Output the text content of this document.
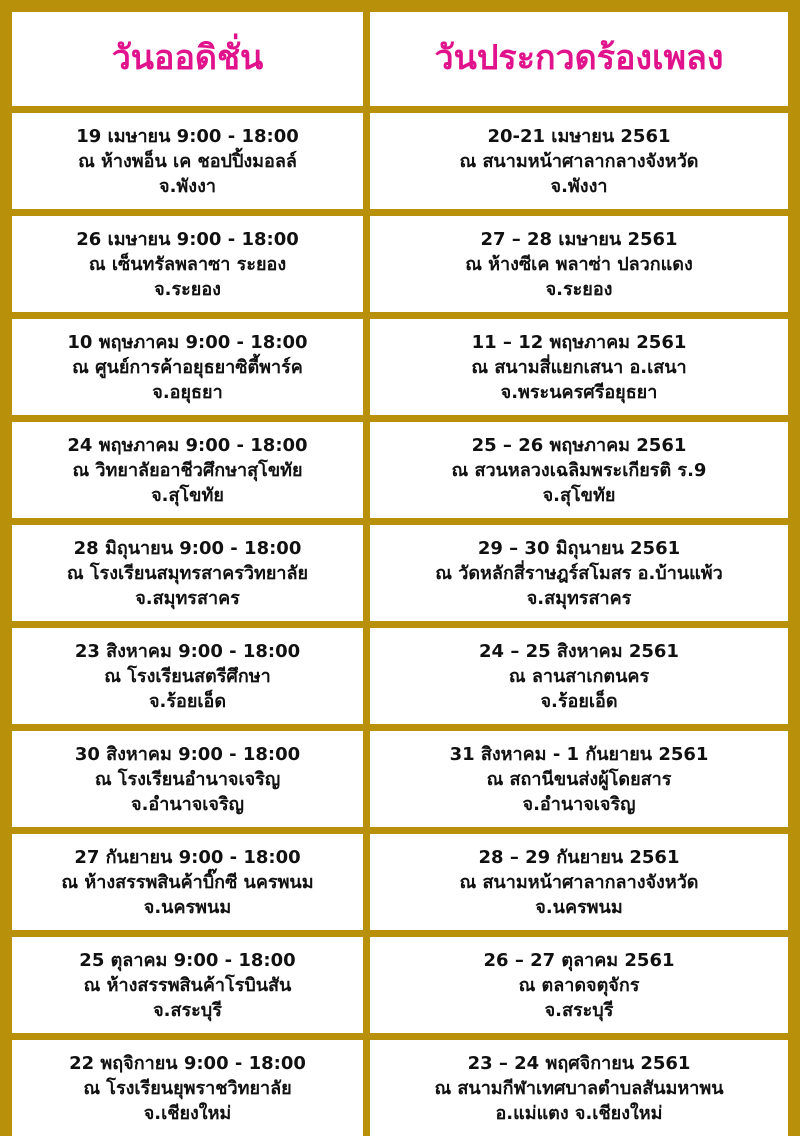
วันออดิชั่น	วันประกวดร้องเพลง
19 เมษายน 9:00 - 18:00
ณ ห้างพอ็น เค ชอปปิ้งมอลล์
จ.พังงา
20-21 เมษายน 2561
ณ สนามหน้าศาลากลางจังหวัด
จ.พังงา
26 เมษายน 9:00 - 18:00
ณ เซ็นทรัลพลาซา ระยอง
จ.ระยอง
27 – 28 เมษายน 2561
ณ ห้างซีเค พลาซ่า ปลวกแดง
จ.ระยอง
10 พฤษภาคม 9:00 - 18:00
ณ ศูนย์การค้าอยุธยาซิตี้พาร์ค
จ.อยุธยา
11 – 12 พฤษภาคม 2561
ณ สนามสี่แยกเสนา อ.เสนา
จ.พระนครศรีอยุธยา
24 พฤษภาคม 9:00 - 18:00
ณ วิทยาลัยอาชีวศึกษาสุโขทัย
จ.สุโขทัย
25 – 26 พฤษภาคม 2561
ณ สวนหลวงเฉลิมพระเกียรติ ร.9
จ.สุโขทัย
28 มิถุนายน 9:00 - 18:00
ณ โรงเรียนสมุทรสาครวิทยาลัย
จ.สมุทรสาคร
29 – 30 มิถุนายน 2561
ณ วัดหลักสี่ราษฎร์สโมสร อ.บ้านแพ้ว
จ.สมุทรสาคร
23 สิงหาคม 9:00 - 18:00
ณ โรงเรียนสตรีศึกษา
จ.ร้อยเอ็ด
24 – 25 สิงหาคม 2561
ณ ลานสาเกตนคร
จ.ร้อยเอ็ด
30 สิงหาคม 9:00 - 18:00
ณ โรงเรียนอำนาจเจริญ
จ.อำนาจเจริญ
31 สิงหาคม - 1 กันยายน 2561
ณ สถานีขนส่งผู้โดยสาร
จ.อำนาจเจริญ
27 กันยายน 9:00 - 18:00
ณ ห้างสรรพสินค้าบิ๊กซี นครพนม
จ.นครพนม
28 – 29 กันยายน 2561
ณ สนามหน้าศาลากลางจังหวัด
จ.นครพนม
25 ตุลาคม 9:00 - 18:00
ณ ห้างสรรพสินค้าโรบินสัน
จ.สระบุรี
26 – 27 ตุลาคม 2561
ณ ตลาดจตุจักร
จ.สระบุรี
22 พฤจิกายน 9:00 - 18:00
ณ โรงเรียนยุพราชวิทยาลัย
จ.เชียงใหม่
23 – 24 พฤศจิกายน 2561
ณ สนามกีฬาเทศบาลตำบลสันมหาพน
อ.แม่แตง จ.เชียงใหม่
